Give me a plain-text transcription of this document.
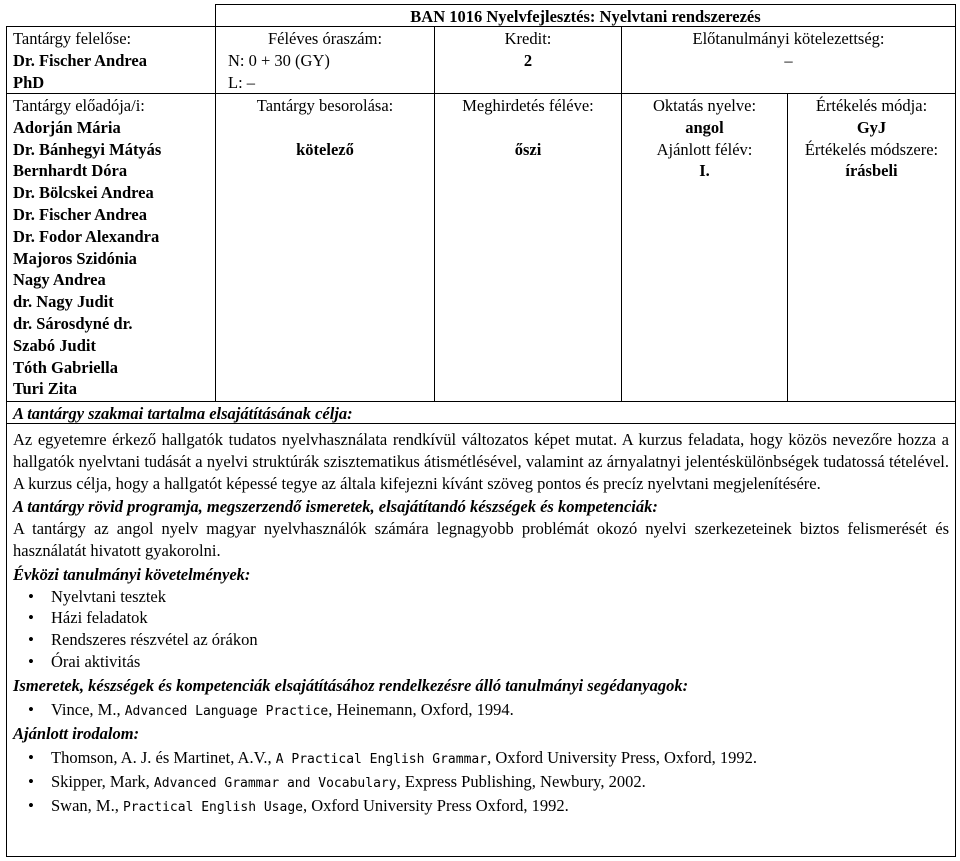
Tantárgy felelőse:
Dr. Fischer Andrea
PhD
BAN 1016 Nyelvfejlesztés: Nyelvtani rendszerezés
Féléves óraszám:
N: 0 + 30 (GY)
L: –
Kredit:
2
Előtanulmányi kötelezettség:
–
Tantárgy előadója/i:
Adorján Mária
Dr. Bánhegyi Mátyás
Bernhardt Dóra
Dr. Bölcskei Andrea
Dr. Fischer Andrea
Dr. Fodor Alexandra
Majoros Szidónia
Nagy Andrea
dr. Nagy Judit
dr. Sárosdyné dr.
Szabó Judit
Tóth Gabriella
Turi Zita
Tantárgy besorolása:
kötelező
Meghirdetés féléve:
őszi
Oktatás nyelve:
angol
Ajánlott félév:
I.
Értékelés módja:
GyJ
Értékelés módszere:
írásbeli
A tantárgy szakmai tartalma elsajátításának célja:
Az egyetemre érkező hallgatók tudatos nyelvhasználata rendkívül változatos képet mutat. A kurzus feladata, hogy közös nevezőre hozza a hallgatók nyelvtani tudását a nyelvi struktúrák szisztematikus átismétlésével, valamint az árnyalatnyi jelentéskülönbségek tudatossá tételével. A kurzus célja, hogy a hallgatót képessé tegye az általa kifejezni kívánt szöveg pontos és precíz nyelvtani megjelenítésére.
A tantárgy rövid programja, megszerzendő ismeretek, elsajátítandó készségek és kompetenciák:
A tantárgy az angol nyelv magyar nyelvhasználók számára legnagyobb problémát okozó nyelvi szerkezeteinek biztos felismerését és használatát hivatott gyakorolni.
Évközi tanulmányi követelmények:
• Nyelvtani tesztek
• Házi feladatok
• Rendszeres részvétel az órákon
• Órai aktivitás
Ismeretek, készségek és kompetenciák elsajátításához rendelkezésre álló tanulmányi segédanyagok:
• Vince, M., Advanced Language Practice, Heinemann, Oxford, 1994.
Ajánlott irodalom:
• Thomson, A. J. és Martinet, A.V., A Practical English Grammar, Oxford University Press, Oxford, 1992.
• Skipper, Mark, Advanced Grammar and Vocabulary, Express Publishing, Newbury, 2002.
• Swan, M., Practical English Usage, Oxford University Press Oxford, 1992.
